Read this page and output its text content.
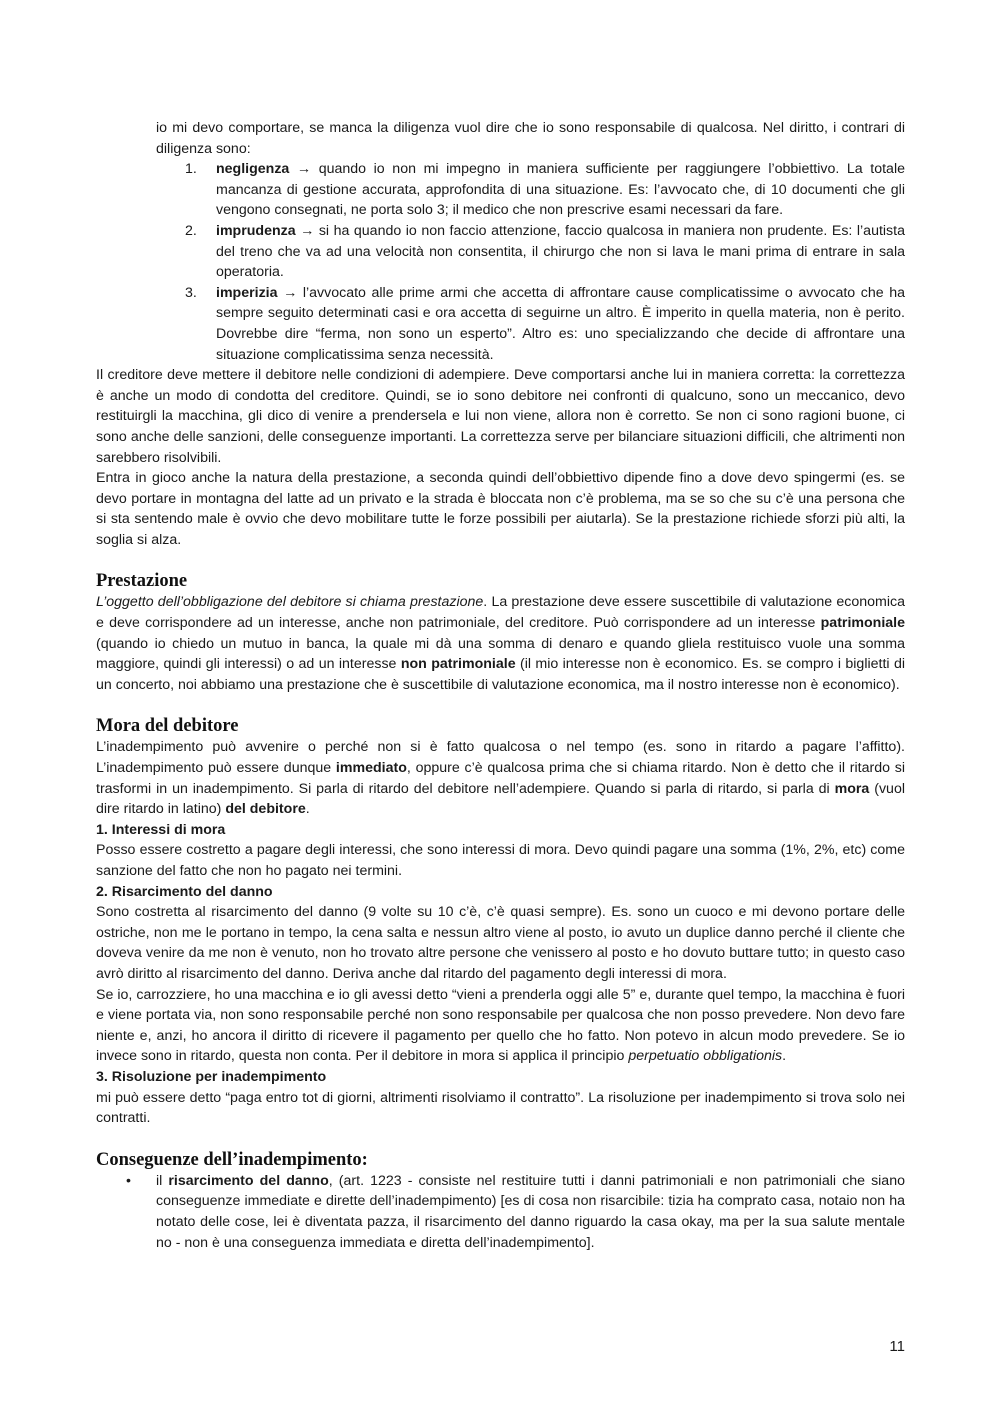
io mi devo comportare, se manca la diligenza vuol dire che io sono responsabile di qualcosa. Nel diritto, i contrari di diligenza sono:

1. negligenza → quando io non mi impegno in maniera sufficiente per raggiungere l’obbiettivo. La totale mancanza di gestione accurata, approfondita di una situazione. Es: l’avvocato che, di 10 documenti che gli vengono consegnati, ne porta solo 3; il medico che non prescrive esami necessari da fare.
2. imprudenza → si ha quando io non faccio attenzione, faccio qualcosa in maniera non prudente. Es: l’autista del treno che va ad una velocità non consentita, il chirurgo che non si lava le mani prima di entrare in sala operatoria.
3. imperizia → l’avvocato alle prime armi che accetta di affrontare cause complicatissime o avvocato che ha sempre seguito determinati casi e ora accetta di seguirne un altro. È imperito in quella materia, non è perito. Dovrebbe dire “ferma, non sono un esperto”. Altro es: uno specializzando che decide di affrontare una situazione complicatissima senza necessità.

Il creditore deve mettere il debitore nelle condizioni di adempiere. Deve comportarsi anche lui in maniera corretta: la correttezza è anche un modo di condotta del creditore. Quindi, se io sono debitore nei confronti di qualcuno, sono un meccanico, devo restituirgli la macchina, gli dico di venire a prendersela e lui non viene, allora non è corretto. Se non ci sono ragioni buone, ci sono anche delle sanzioni, delle conseguenze importanti. La correttezza serve per bilanciare situazioni difficili, che altrimenti non sarebbero risolvibili.

Entra in gioco anche la natura della prestazione, a seconda quindi dell’obbiettivo dipende fino a dove devo spingermi (es. se devo portare in montagna del latte ad un privato e la strada è bloccata non c’è problema, ma se so che su c’è una persona che si sta sentendo male è ovvio che devo mobilitare tutte le forze possibili per aiutarla). Se la prestazione richiede sforzi più alti, la soglia si alza.

Prestazione

L’oggetto dell’obbligazione del debitore si chiama prestazione. La prestazione deve essere suscettibile di valutazione economica e deve corrispondere ad un interesse, anche non patrimoniale, del creditore. Può corrispondere ad un interesse patrimoniale (quando io chiedo un mutuo in banca, la quale mi dà una somma di denaro e quando gliela restituisco vuole una somma maggiore, quindi gli interessi) o ad un interesse non patrimoniale (il mio interesse non è economico. Es. se compro i biglietti di un concerto, noi abbiamo una prestazione che è suscettibile di valutazione economica, ma il nostro interesse non è economico).

Mora del debitore

L’inadempimento può avvenire o perché non si è fatto qualcosa o nel tempo (es. sono in ritardo a pagare l’affitto). L’inadempimento può essere dunque immediato, oppure c’è qualcosa prima che si chiama ritardo. Non è detto che il ritardo si trasformi in un inadempimento. Si parla di ritardo del debitore nell’adempiere. Quando si parla di ritardo, si parla di mora (vuol dire ritardo in latino) del debitore.

1. Interessi di mora

Posso essere costretto a pagare degli interessi, che sono interessi di mora. Devo quindi pagare una somma (1%, 2%, etc) come sanzione del fatto che non ho pagato nei termini.

2. Risarcimento del danno

Sono costretta al risarcimento del danno (9 volte su 10 c’è, c’è quasi sempre). Es. sono un cuoco e mi devono portare delle ostriche, non me le portano in tempo, la cena salta e nessun altro viene al posto, io avuto un duplice danno perché il cliente che doveva venire da me non è venuto, non ho trovato altre persone che venissero al posto e ho dovuto buttare tutto; in questo caso avrò diritto al risarcimento del danno. Deriva anche dal ritardo del pagamento degli interessi di mora.

Se io, carrozziere, ho una macchina e io gli avessi detto “vieni a prenderla oggi alle 5” e, durante quel tempo, la macchina è fuori e viene portata via, non sono responsabile perché non sono responsabile per qualcosa che non posso prevedere. Non devo fare niente e, anzi, ho ancora il diritto di ricevere il pagamento per quello che ho fatto. Non potevo in alcun modo prevedere. Se io invece sono in ritardo, questa non conta. Per il debitore in mora si applica il principio perpetuatio obbligationis.

3. Risoluzione per inadempimento

mi può essere detto “paga entro tot di giorni, altrimenti risolviamo il contratto”. La risoluzione per inadempimento si trova solo nei contratti.

Conseguenze dell’inadempimento:
• il risarcimento del danno, (art. 1223 - consiste nel restituire tutti i danni patrimoniali e non patrimoniali che siano conseguenze immediate e dirette dell’inadempimento) [es di cosa non risarcibile: tizia ha comprato casa, notaio non ha notato delle cose, lei è diventata pazza, il risarcimento del danno riguardo la casa okay, ma per la sua salute mentale no - non è una conseguenza immediata e diretta dell’inadempimento].
11
